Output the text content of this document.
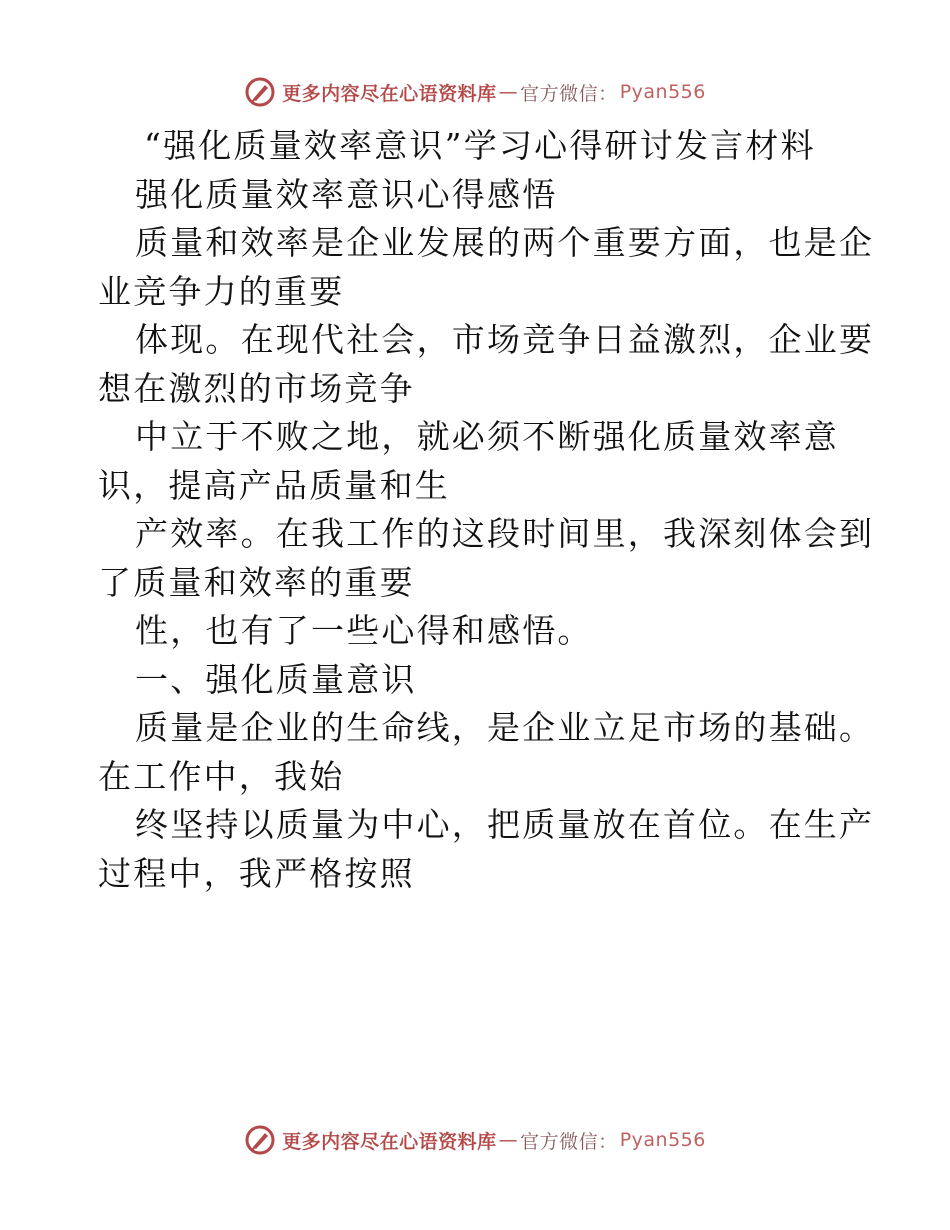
更多内容尽在心语资料库 — 官方微信： Pyan556

“强化质量效率意识”学习心得研讨发言材料

强化质量效率意识心得感悟

质量和效率是企业发展的两个重要方面，也是企

业竞争力的重要

体现。在现代社会，市场竞争日益激烈，企业要

想在激烈的市场竞争

中立于不败之地，就必须不断强化质量效率意

识，提高产品质量和生

产效率。在我工作的这段时间里，我深刻体会到

了质量和效率的重要

性，也有了一些心得和感悟。

一、强化质量意识

质量是企业的生命线，是企业立足市场的基础。

在工作中，我始

终坚持以质量为中心，把质量放在首位。在生产

过程中，我严格按照

更多内容尽在心语资料库 — 官方微信： Pyan556
